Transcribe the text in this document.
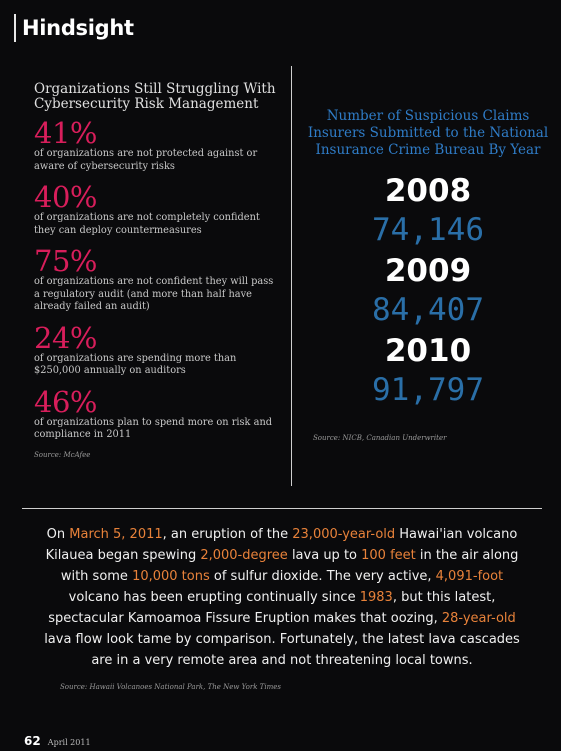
Hindsight
Organizations Still Struggling With
Cybersecurity Risk Management
41%
of organizations are not protected against or aware of cybersecurity risks
40%
of organizations are not completely confident they can deploy countermeasures
75%
of organizations are not confident they will pass a regulatory audit (and more than half have already failed an audit)
24%
of organizations are spending more than $250,000 annually on auditors
46%
of organizations plan to spend more on risk and compliance in 2011
Source: McAfee
Number of Suspicious Claims
Insurers Submitted to the National
Insurance Crime Bureau By Year
2008
74,146
2009
84,407
2010
91,797
Source: NICB, Canadian Underwriter
On March 5, 2011, an eruption of the 23,000-year-old Hawai'ian volcano Kilauea began spewing 2,000-degree lava up to 100 feet in the air along with some 10,000 tons of sulfur dioxide. The very active, 4,091-foot volcano has been erupting continually since 1983, but this latest, spectacular Kamoamoa Fissure Eruption makes that oozing, 28-year-old lava flow look tame by comparison. Fortunately, the latest lava cascades are in a very remote area and not threatening local towns.
Source: Hawaii Volcanoes National Park, The New York Times
62 April 2011
